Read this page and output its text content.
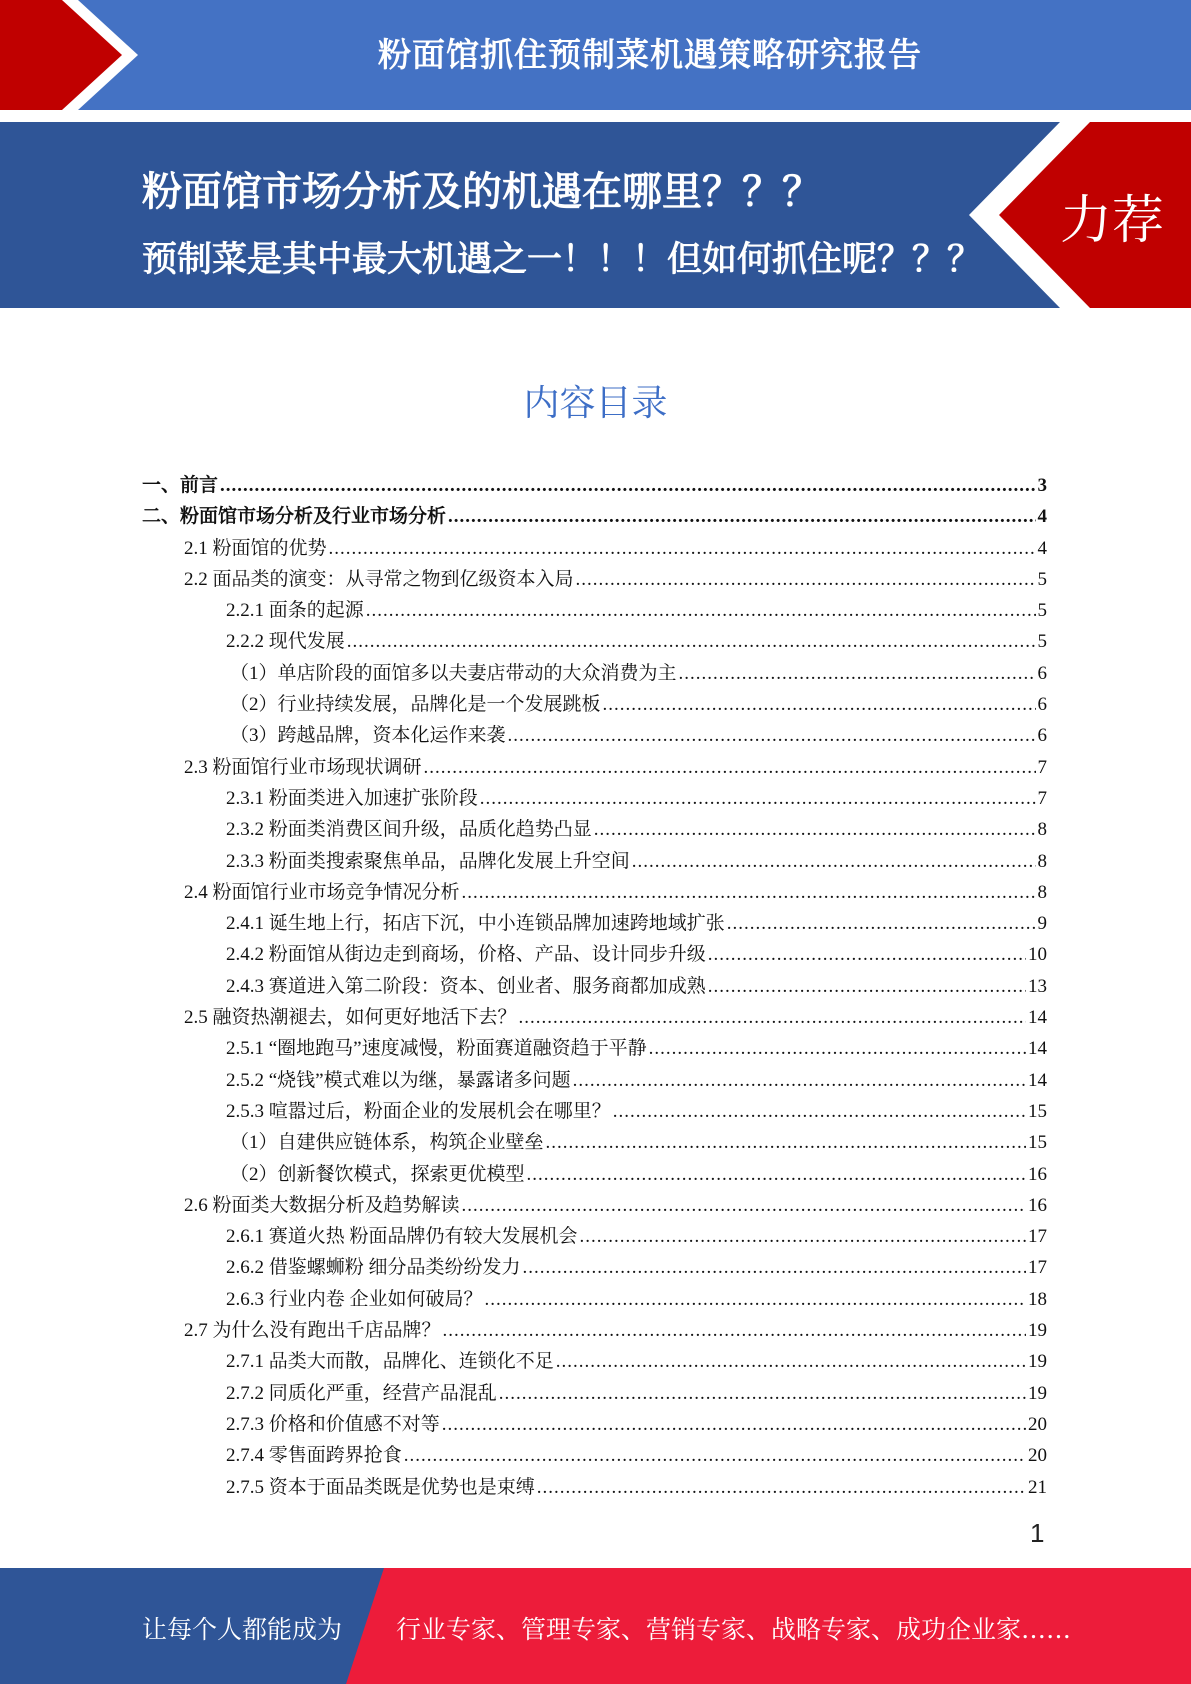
粉面馆抓住预制菜机遇策略研究报告
粉面馆市场分析及的机遇在哪里？？？
预制菜是其中最大机遇之一！！！但如何抓住呢？？？
力荐
内容目录
一、前言 .....	3
二、粉面馆市场分析及行业市场分析 .....	4
2.1 粉面馆的优势 .....	4
2.2 面品类的演变：从寻常之物到亿级资本入局 .....	5
2.2.1 面条的起源 .....	5
2.2.2 现代发展 .....	5
（1）单店阶段的面馆多以夫妻店带动的大众消费为主 .....	6
（2）行业持续发展，品牌化是一个发展跳板 .....	6
（3）跨越品牌，资本化运作来袭 .....	6
2.3 粉面馆行业市场现状调研 .....	7
2.3.1 粉面类进入加速扩张阶段 .....	7
2.3.2 粉面类消费区间升级，品质化趋势凸显 .....	8
2.3.3 粉面类搜索聚焦单品，品牌化发展上升空间 .....	8
2.4 粉面馆行业市场竞争情况分析 .....	8
2.4.1 诞生地上行，拓店下沉，中小连锁品牌加速跨地域扩张 .....	9
2.4.2 粉面馆从街边走到商场，价格、产品、设计同步升级 .....	10
2.4.3 赛道进入第二阶段：资本、创业者、服务商都加成熟 .....	13
2.5 融资热潮褪去，如何更好地活下去？ .....	14
2.5.1 “圈地跑马”速度减慢，粉面赛道融资趋于平静 .....	14
2.5.2 “烧钱”模式难以为继，暴露诸多问题 .....	14
2.5.3 喧嚣过后，粉面企业的发展机会在哪里？ .....	15
（1）自建供应链体系，构筑企业壁垒 .....	15
（2）创新餐饮模式，探索更优模型 .....	16
2.6 粉面类大数据分析及趋势解读 .....	16
2.6.1 赛道火热 粉面品牌仍有较大发展机会 .....	17
2.6.2 借鉴螺蛳粉 细分品类纷纷发力 .....	17
2.6.3 行业内卷 企业如何破局？ .....	18
2.7 为什么没有跑出千店品牌？ .....	19
2.7.1 品类大而散，品牌化、连锁化不足 .....	19
2.7.2 同质化严重，经营产品混乱 .....	19
2.7.3 价格和价值感不对等 .....	20
2.7.4 零售面跨界抢食 .....	20
2.7.5 资本于面品类既是优势也是束缚 .....	21
1
让每个人都能成为 行业专家、管理专家、营销专家、战略专家、成功企业家……
